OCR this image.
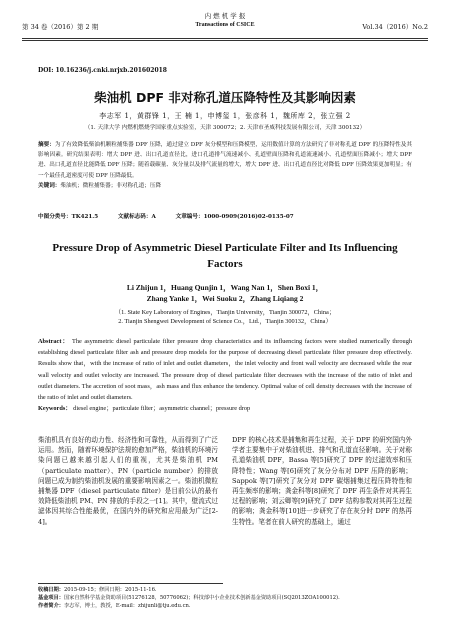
第 34 卷（2016）第 2 期
内 燃 机 学 报
Transactions of CSICE	Vol.34（2016）No.2
DOI: 10.16236/j.cnki.nrjxb.201602018
柴油机 DPF 非对称孔道压降特性及其影响因素
李志军 1，黄群锋 1，王 楠 1，申博玺 1，张彦科 1，魏所库 2，张立强 2
（1. 天津大学 内燃机燃烧学国家重点实验室，天津 300072；2. 天津市圣威科技发展有限公司，天津 300132）
摘要：为了有效降低柴油机颗粒捕集器 DPF 压降，通过建立 DPF 灰分模型和压降模型，运用数值计算的方法研究了非对称孔道 DPF 的压降特性及其影响因素。研究结果表明：增大 DPF 进、出口孔道直径比，进口孔道排气流速减小、孔道壁面压降和孔道流速减小、孔道壁面压降减小；增大 DPF 进、出口孔道直径比能降低 DPF 压降；随着载碳量、灰分量以及排气流量的增大，增大 DPF 进、出口孔道直径比对降低 DPF 压降效果更加明显；有一个最佳孔道密度可使 DPF 压降最低。
关键词：柴油机；微粒捕集器；非对称孔道；压降
中图分类号：TK421.5	文献标志码：A	文章编号：1000-0909(2016)02-0135-07
Pressure Drop of Asymmetric Diesel Particulate Filter and Its Influencing Factors
Li Zhijun 1，Huang Qunjin 1，Wang Nan 1，Shen Boxi 1，
Zhang Yanke 1，Wei Suoku 2，Zhang Liqiang 2
（1. State Key Laboratory of Engines，Tianjin University，Tianjin 300072，China；
2. Tianjin Shengwei Development of Science Co.，Ltd.，Tianjin 300132，China）
Abstract： The asymmetric diesel particulate filter pressure drop characteristics and its influencing factors were studied numerically through establishing diesel particulate filter ash and pressure drop models for the purpose of decreasing diesel particulate filter pressure drop effectively. Results show that，with the increase of ratio of inlet and outlet diameters，the inlet velocity and front wall velocity are decreased while the rear wall velocity and outlet velocity are increased. The pressure drop of diesel particulate filter decreases with the increase of the ratio of inlet and outlet diameters. The accretion of soot mass，ash mass and flux enhance the tendency. Optimal value of cell density decreases with the increase of the ratio of inlet and outlet diameters.
Keywords： diesel engine；particulate filter；asymmetric channel；pressure drop
柴油机具有良好的动力性、经济性和可靠性，从而得到了广泛运用。然而，随着环境保护法规的愈加严格，柴油机的环境污染问题已越来越引起人们的重视，尤其是柴油机 PM（particulate matter）、PN（particle number）的排放问题已成为制约柴油机发展的重要影响因素之一。柴油机微粒捕集器 DPF（diesel particulate filter）是目前公认的最有效降低柴油机 PM、PN 排放的手段之一[1]。其中，壁流式过滤体因其综合性能最优，在国内外的研究和应用最为广泛[2-4]。
DPF 的核心技术是捕集和再生过程，关于 DPF 的研究国内外学者主要集中于对柴油机进、排气和孔道直径影响。关于对称孔道柴油机 DPF，Bassa 等[5]研究了 DPF 的过滤效率和压降特性；Wang 等[6]研究了灰分分布对 DPF 压降的影响；Sappok 等[7]研究了灰分对 DPF 碳烟捕集过程压降特性和再生频率的影响；龚金科等[8]研究了 DPF 再生条件对其再生过程的影响；刘云卿等[9]研究了 DPF 结构参数对其再生过程的影响；龚金科等[10]进一步研究了存在灰分时 DPF 的热再生特性。笔者在前人研究的基础上，通过
收稿日期：2015-09-15；修回日期：2015-11-16.
基金项目：国家自然科学基金资助项目(51276128，50776062)；科技部中小企业技术创新基金资助项目(SQ2013ZOA100012).
作者简介：李志军，博士，教授，E-mail：zhijunli@tju.edu.cn.
